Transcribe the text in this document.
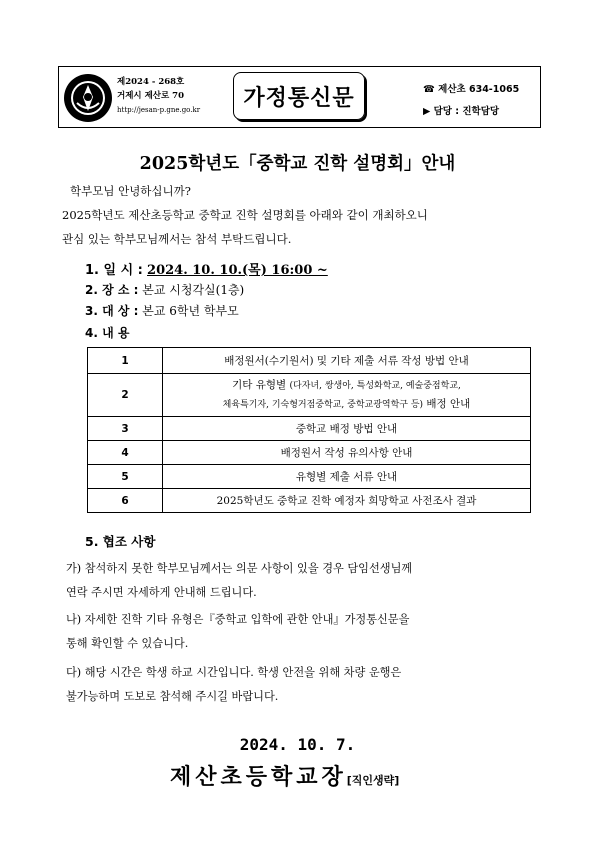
제2024 - 268호
거제시 제산로 70
http://jesan-p.gne.go.kr	가정통신문	☎ 제산초 634-1065
▶ 담당 : 진학담당
2025학년도「중학교 진학 설명회」안내
학부모님 안녕하십니까?
2025학년도 제산초등학교 중학교 진학 설명회를 아래와 같이 개최하오니
관심 있는 학부모님께서는 참석 부탁드립니다.
1. 일 시 : 2024. 10. 10.(목) 16:00 ~
2. 장 소 : 본교 시청각실(1층)
3. 대 상 : 본교 6학년 학부모
4. 내 용
1	배정원서(수기원서) 및 기타 제출 서류 작성 방법 안내
2	기타 유형별 (다자녀, 쌍생아, 특성화학교, 예술중점학교,
체육특기자, 기숙형거점중학교, 중학교광역학구 등) 배정 안내
3	중학교 배정 방법 안내
4	배정원서 작성 유의사항 안내
5	유형별 제출 서류 안내
6	2025학년도 중학교 진학 예정자 희망학교 사전조사 결과
5. 협조 사항
가) 참석하지 못한 학부모님께서는 의문 사항이 있을 경우 담임선생님께
연락 주시면 자세하게 안내해 드립니다.
나) 자세한 진학 기타 유형은『중학교 입학에 관한 안내』가정통신문을
통해 확인할 수 있습니다.
다) 해당 시간은 학생 하교 시간입니다. 학생 안전을 위해 차량 운행은
불가능하며 도보로 참석해 주시길 바랍니다.
2024. 10. 7.
제산초등학교장[직인생략]
